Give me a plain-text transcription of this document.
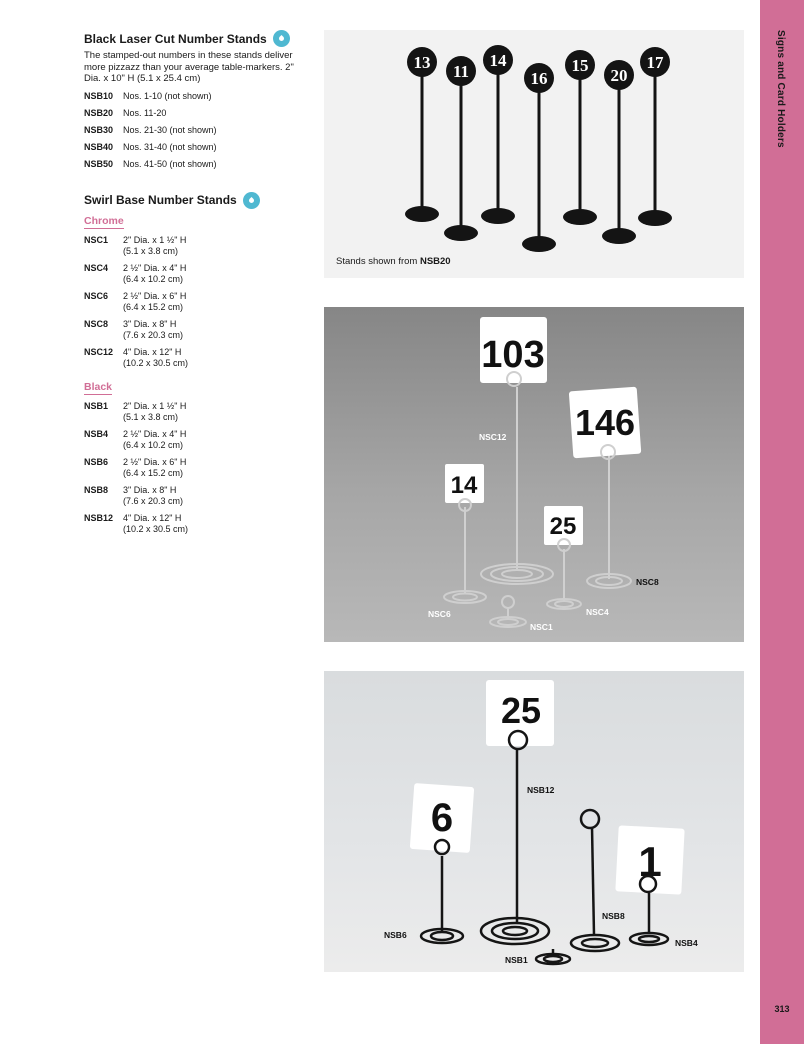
Signs and Card Holders
313
Black Laser Cut Number Stands

The stamped-out numbers in these stands deliver more pizzazz than your average table-markers. 2" Dia. x 10" H (5.1 x 25.4 cm)

NSB10	Nos. 1-10 (not shown)
NSB20	Nos. 11-20
NSB30	Nos. 21-30 (not shown)
NSB40	Nos. 31-40 (not shown)
NSB50	Nos. 41-50 (not shown)
Swirl Base Number Stands
Chrome
NSC1	2" Dia. x 1 ½" H
(5.1 x 3.8 cm)
NSC4	2 ½" Dia. x 4" H
(6.4 x 10.2 cm)
NSC6	2 ½" Dia. x 6" H
(6.4 x 15.2 cm)
NSC8	3" Dia. x 8" H
(7.6 x 20.3 cm)
NSC12	4" Dia. x 12" H
(10.2 x 30.5 cm)
Black
NSB1	2" Dia. x 1 ½" H
(5.1 x 3.8 cm)
NSB4	2 ½" Dia. x 4" H
(6.4 x 10.2 cm)
NSB6	2 ½" Dia. x 6" H
(6.4 x 15.2 cm)
NSB8	3" Dia. x 8" H
(7.6 x 20.3 cm)
NSB12	4" Dia. x 12" H
(10.2 x 30.5 cm)
13 11
14
16
15
20
17
Stands shown from NSB20
103
146
14
25
NSC12
NSC8
NSC6	NSC4
NSC1
25
6
1
NSB12
NSB8
NSB6
NSB4
NSB1
